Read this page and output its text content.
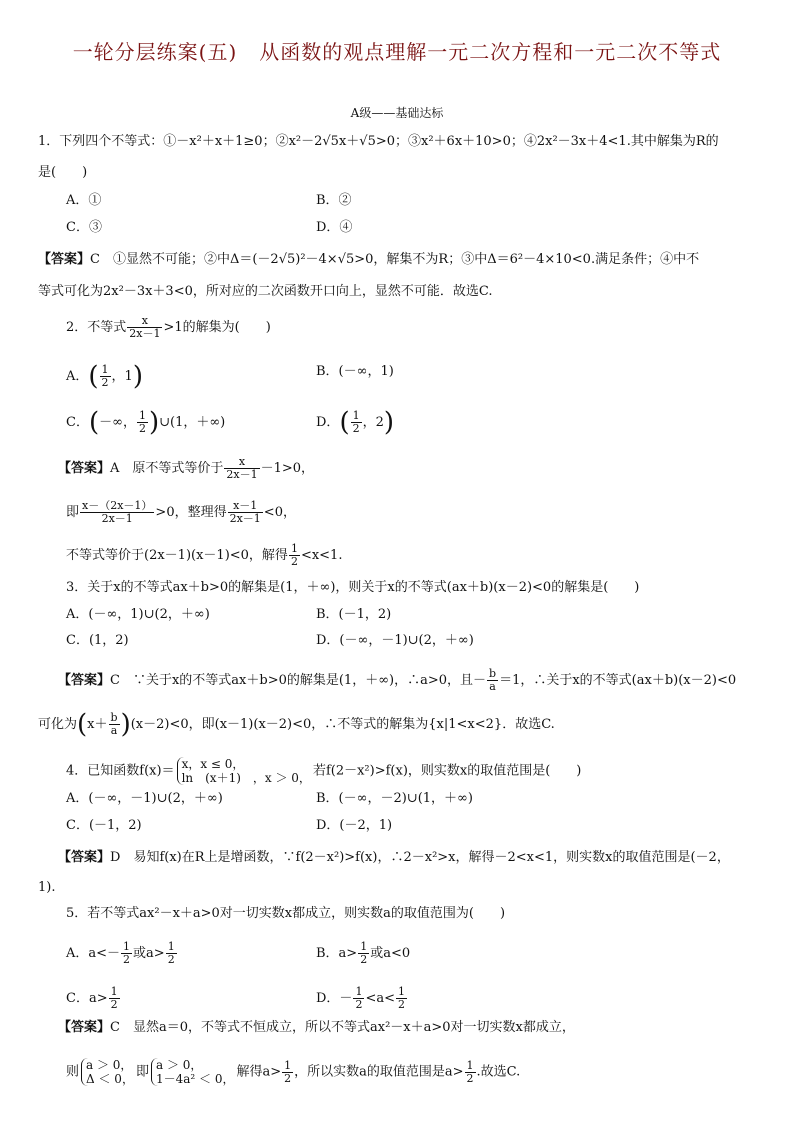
一轮分层练案(五) 从函数的观点理解一元二次方程和一元二次不等式
A级——基础达标
1．下列四个不等式：①－x²＋x＋1≥0；②x²－2√5x＋√5>0；③x²＋6x＋10>0；④2x²－3x＋4<1.其中解集为R的
是(　　)
A．①	B．②
C．③	D．④
【答案】C　①显然不可能；②中Δ＝(－2√5)²－4×√5>0，解集不为R；③中Δ＝6²－4×10<0.满足条件；④中不
等式可化为2x²－3x＋3<0，所对应的二次函数开口向上，显然不可能．故选C.
2．不等式 $\frac{x}{2x-1} >1$的解集为(　　)
A．( $\frac{1}{2}$ ，1)	B．(－∞，1)
C．(－∞， $\frac{1}{2}$ )∪(1，＋∞)	D．( $\frac{1}{2}$ ，2)
【答案】A　原不等式等价于 $\frac{x}{2x-1} -1>0$，
即 $\frac{x-(2x-1)}{2x-1} >0$，整理得 $\frac{x-1}{2x-1} <0$，
不等式等价于(2x－1)(x－1)<0，解得 $\frac{1}{2} <x<1$.
3．关于x的不等式ax＋b>0的解集是(1，＋∞)，则关于x的不等式(ax＋b)(x－2)<0的解集是(　　)
A．(－∞，1)∪(2，＋∞)	B．(－1，2)
C．(1，2)	D．(－∞，－1)∪(2，＋∞)
【答案】C　∵关于x的不等式ax＋b>0的解集是(1，＋∞)，∴a>0，且－ $\frac{b}{a} =1$，∴关于x的不等式(ax＋b)(x－2)<0
可化为$(x+ \frac{b}{a} )(x-2)<0$，即(x－1)(x－2)<0，∴不等式的解集为{x|1<x<2}．故选C.
4．已知函数f(x)＝ x，x ≤ 0，
ln　(x＋1)　，x ＞ 0， 若f(2－x²)>f(x)，则实数x的取值范围是(　　)
A．(－∞，－1)∪(2，＋∞)	B．(－∞，－2)∪(1，＋∞)
C．(－1，2)	D．(－2，1)
【答案】D　易知f(x)在R上是增函数，∵f(2－x²)>f(x)，∴2－x²>x，解得－2<x<1，则实数x的取值范围是(－2，
1).
5．若不等式ax²－x＋a>0对一切实数x都成立，则实数a的取值范围为(　　)
A．$a<- \frac{1}{2}$ 或$a> \frac{1}{2}$	B．$a> \frac{1}{2}$ 或a<0
C．$a> \frac{1}{2}$	D．－ $\frac{1}{2} <a< \frac{1}{2}$
【答案】C　显然a＝0，不等式不恒成立，所以不等式ax²－x＋a>0对一切实数x都成立，
则 a ＞ 0，
Δ ＜ 0， 即 a ＞ 0，
1－4a² ＜ 0， 解得$a> \frac{1}{2}$ ，所以实数a的取值范围是$a> \frac{1}{2}$ .故选C.
